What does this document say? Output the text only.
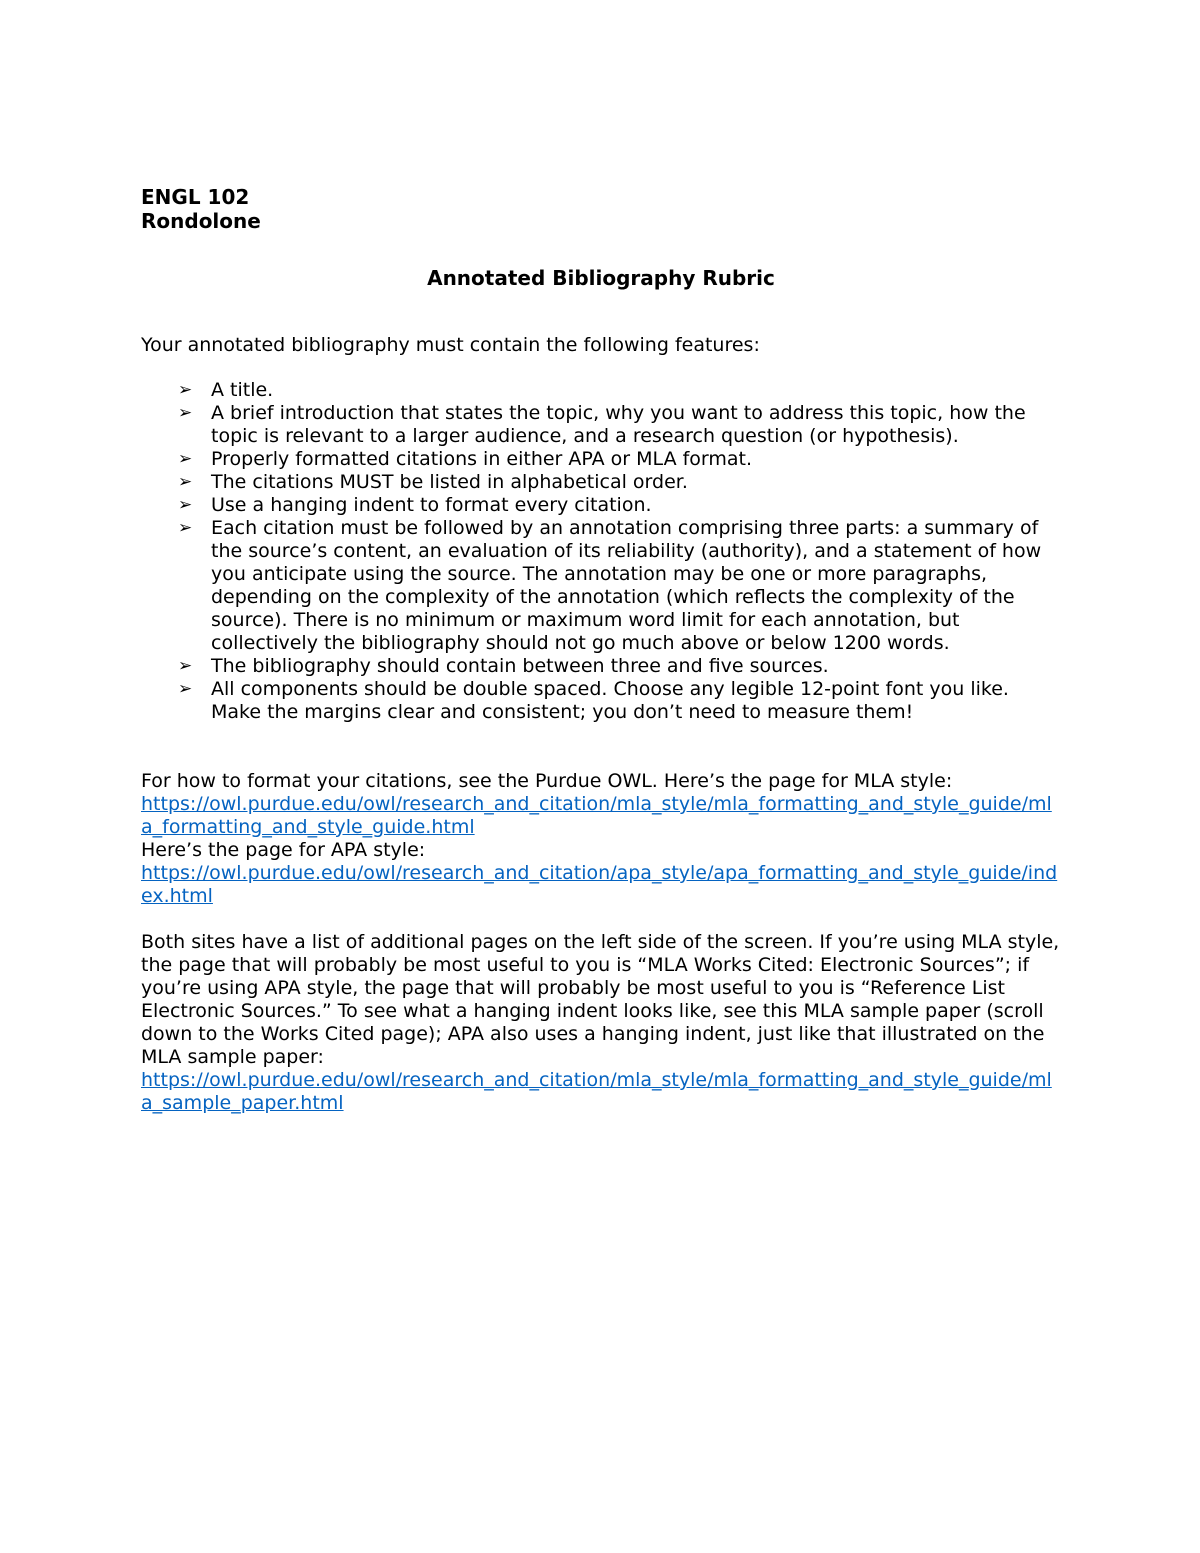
ENGL 102
Rondolone
Annotated Bibliography Rubric

Your annotated bibliography must contain the following features:

➢ A title.
➢ A brief introduction that states the topic, why you want to address this topic, how the topic is relevant to a larger audience, and a research question (or hypothesis).
➢ Properly formatted citations in either APA or MLA format.
➢ The citations MUST be listed in alphabetical order.
➢ Use a hanging indent to format every citation.
➢ Each citation must be followed by an annotation comprising three parts: a summary of the source’s content, an evaluation of its reliability (authority), and a statement of how you anticipate using the source. The annotation may be one or more paragraphs, depending on the complexity of the annotation (which reflects the complexity of the source). There is no minimum or maximum word limit for each annotation, but collectively the bibliography should not go much above or below 1200 words.
➢ The bibliography should contain between three and five sources.
➢ All components should be double spaced. Choose any legible 12-point font you like. Make the margins clear and consistent; you don’t need to measure them!

For how to format your citations, see the Purdue OWL. Here’s the page for MLA style:

https://owl.purdue.edu/owl/research_and_citation/mla_style/mla_formatting_and_style_guide/mla_formatting_and_style_guide.html

Here’s the page for APA style:

https://owl.purdue.edu/owl/research_and_citation/apa_style/apa_formatting_and_style_guide/index.html

Both sites have a list of additional pages on the left side of the screen. If you’re using MLA style, the page that will probably be most useful to you is “MLA Works Cited: Electronic Sources”; if you’re using APA style, the page that will probably be most useful to you is “Reference List Electronic Sources.” To see what a hanging indent looks like, see this MLA sample paper (scroll down to the Works Cited page); APA also uses a hanging indent, just like that illustrated on the MLA sample paper:

https://owl.purdue.edu/owl/research_and_citation/mla_style/mla_formatting_and_style_guide/mla_sample_paper.html
